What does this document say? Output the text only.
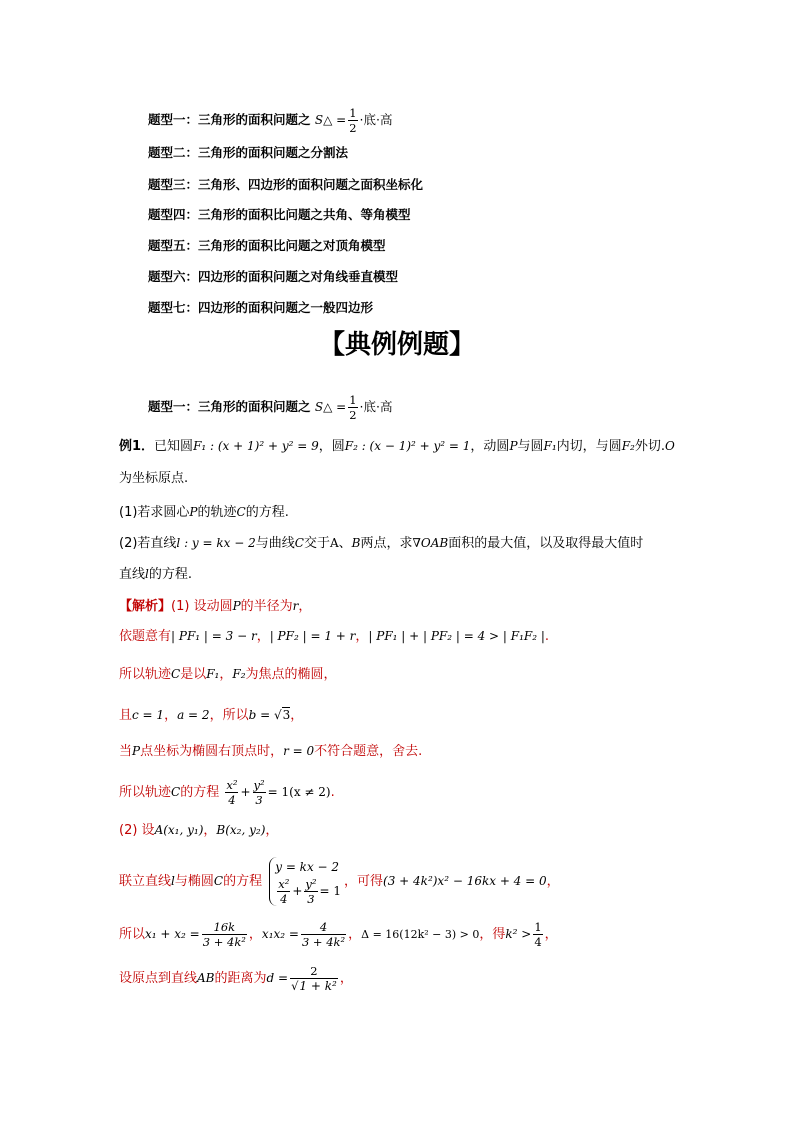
题型一：三角形的面积问题之 S△ = $\frac{1}{2}$ ·底·高
题型二：三角形的面积问题之分割法
题型三：三角形、四边形的面积问题之面积坐标化
题型四：三角形的面积比问题之共角、等角模型
题型五：三角形的面积比问题之对顶角模型
题型六：四边形的面积问题之对角线垂直模型
题型七：四边形的面积问题之一般四边形
【典例例题】
题型一：三角形的面积问题之 S△ = $\frac{1}{2}$ ·底·高
例1．已知圆F₁ : (x + 1)² + y² = 9，圆F₂ : (x − 1)² + y² = 1，动圆P与圆F₁内切，与圆F₂外切.O
为坐标原点.
(1)若求圆心P的轨迹C的方程.
(2)若直线l : y = kx − 2与曲线C交于A、B两点，求∇OAB面积的最大值，以及取得最大值时
直线l的方程.
【解析】(1) 设动圆P的半径为r，
依题意有| PF₁ | = 3 − r，| PF₂ | = 1 + r，| PF₁ | + | PF₂ | = 4 > | F₁F₂ |.
所以轨迹C是以F₁，F₂为焦点的椭圆，
且c = 1，a = 2，所以b = √3，
当P点坐标为椭圆右顶点时，r = 0不符合题意，舍去.
所以轨迹C的方程 $\frac{\text{x²}}{4} + \frac{\text{y²}}{3} = 1(x \ne 2)$.
(2) 设A(x₁, y₁)，B(x₂, y₂)，
联立直线l与椭圆C的方程
y = kx − 2
$\frac{\text{x²}}{4} + \frac{\text{y²}}{3} = 1$
，可得(3 + 4k²)x² − 16kx + 4 = 0，
所以$x_1 + x_2 = \frac{16k}{\text{3 + 4k²}}$ ，$x_1x_2 = \frac{4}{\text{3 + 4k²}}$ ，Δ = 16(12k² − 3) > 0，得$k^2 > \frac{1}{4}$ ，
设原点到直线AB的距离为$d = \frac{2}{\text{√1 + k²}}$ ，
